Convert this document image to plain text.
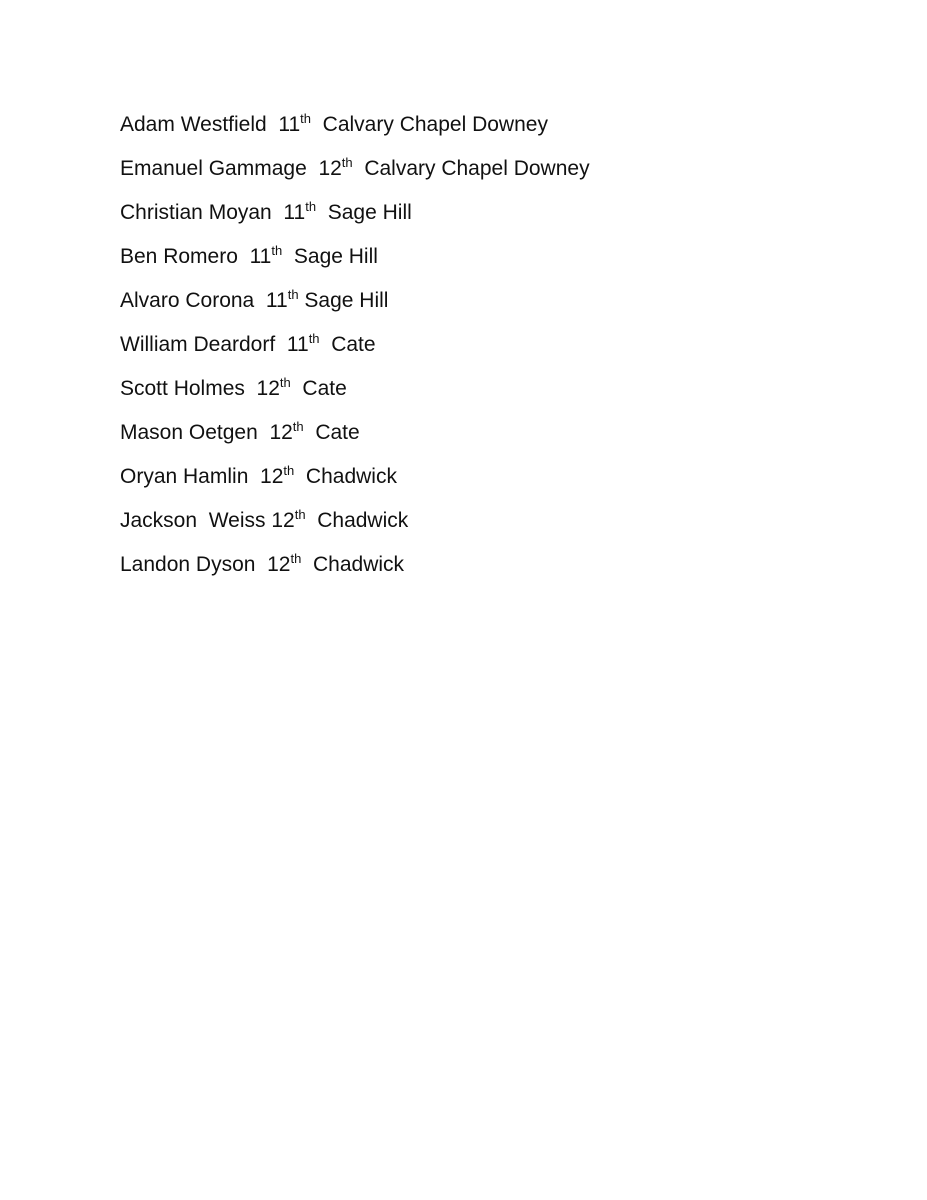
Adam Westfield 11th Calvary Chapel Downey
Emanuel Gammage 12th Calvary Chapel Downey
Christian Moyan 11th Sage Hill
Ben Romero 11th Sage Hill
Alvaro Corona 11th Sage Hill
William Deardorf 11th Cate
Scott Holmes 12th Cate
Mason Oetgen 12th Cate
Oryan Hamlin 12th Chadwick
Jackson  Weiss 12th Chadwick
Landon Dyson 12th Chadwick
